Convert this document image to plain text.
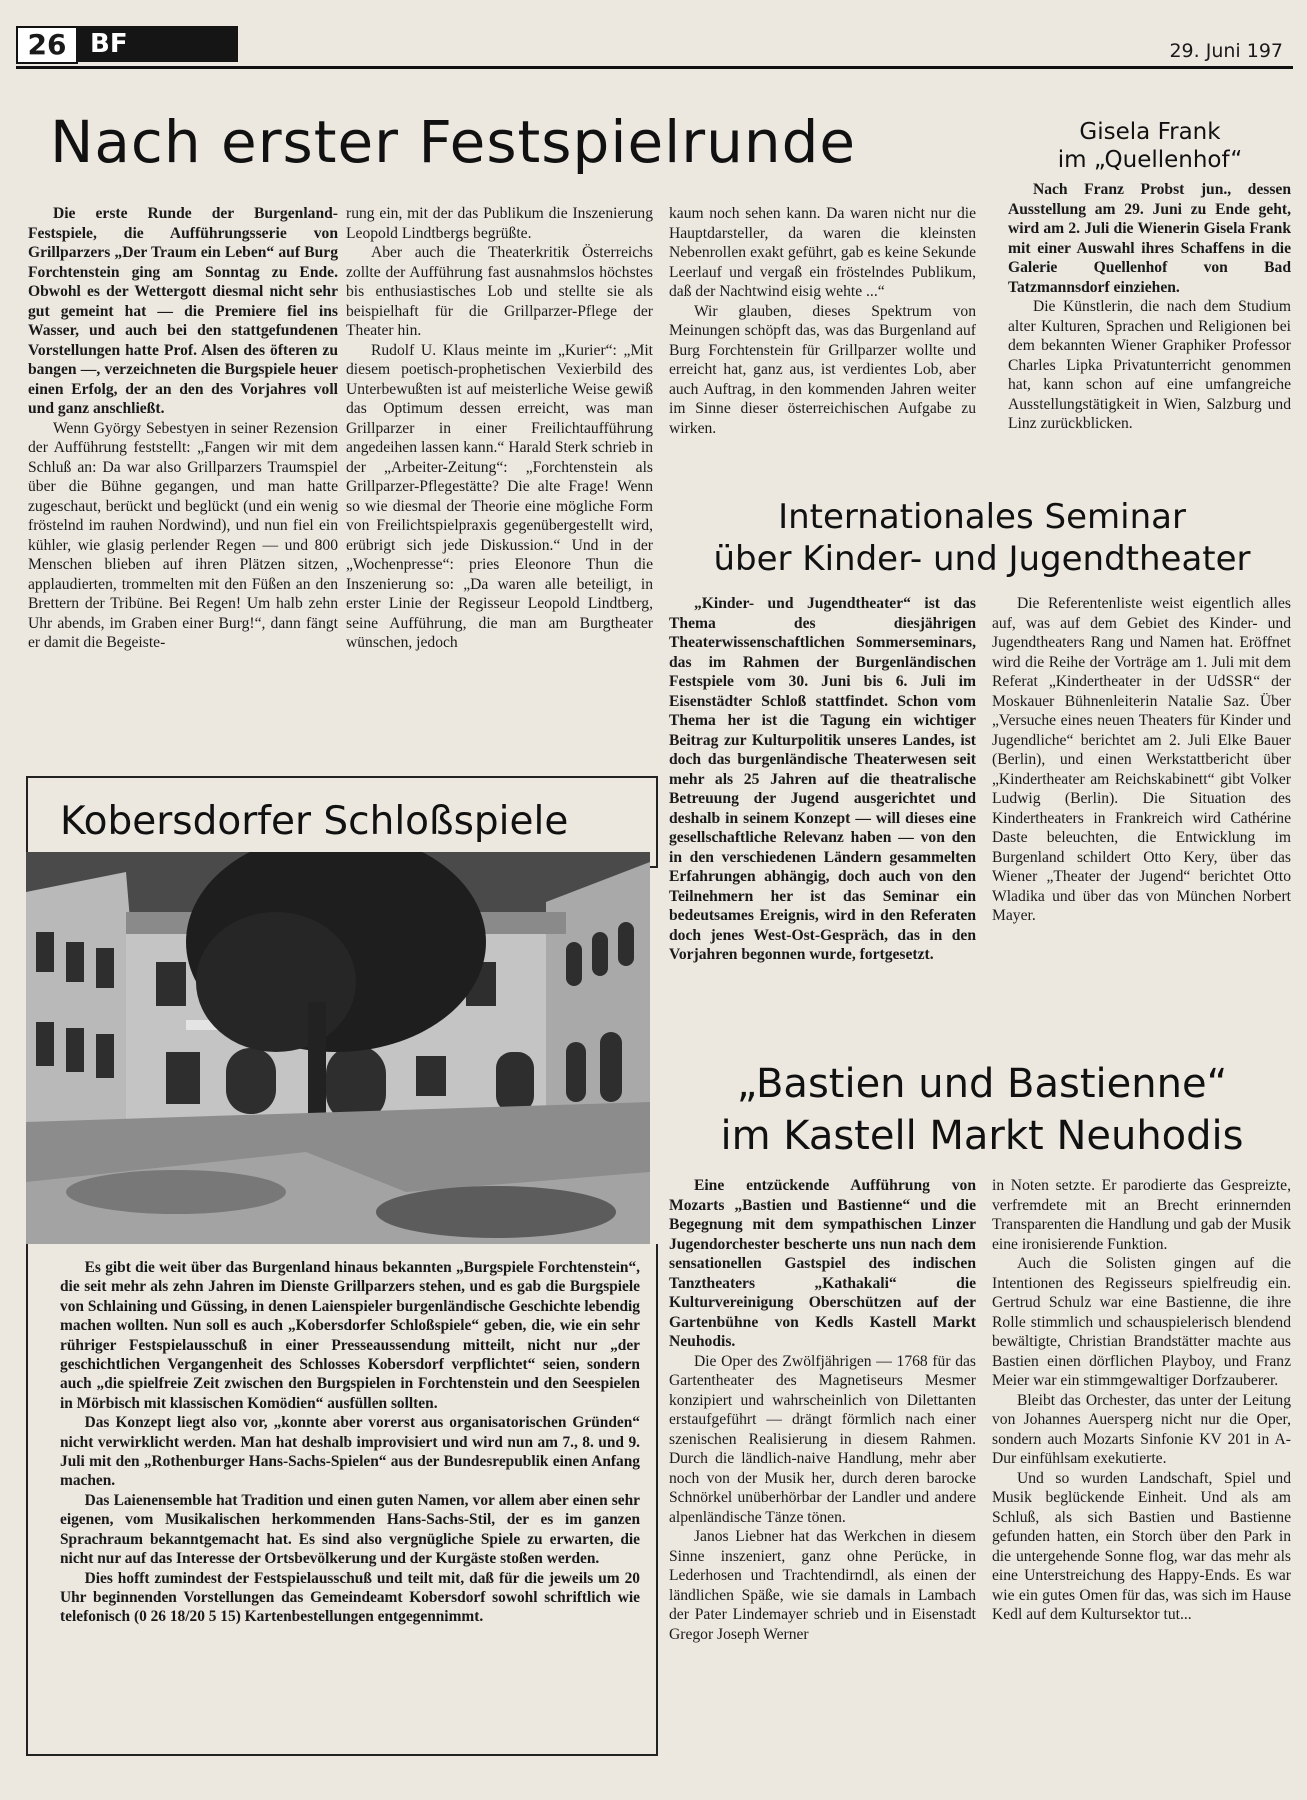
26 BF	29. Juni 197
Nach erster Festspielrunde

Die erste Runde der Burgenland-Festspiele, die Aufführungsserie von Grillparzers „Der Traum ein Leben“ auf Burg Forchtenstein ging am Sonntag zu Ende. Obwohl es der Wettergott diesmal nicht sehr gut gemeint hat — die Premiere fiel ins Wasser, und auch bei den stattgefundenen Vorstellungen hatte Prof. Alsen des öfteren zu bangen —, verzeichneten die Burgspiele heuer einen Erfolg, der an den des Vorjahres voll und ganz anschließt.

Wenn György Sebestyen in seiner Rezension der Aufführung feststellt: „Fangen wir mit dem Schluß an: Da war also Grillparzers Traumspiel über die Bühne gegangen, und man hatte zugeschaut, berückt und beglückt (und ein wenig fröstelnd im rauhen Nordwind), und nun fiel ein kühler, wie glasig perlender Regen — und 800 Menschen blieben auf ihren Plätzen sitzen, applaudierten, trommelten mit den Füßen an den Brettern der Tribüne. Bei Regen! Um halb zehn Uhr abends, im Graben einer Burg!“, dann fängt er damit die Begeiste-

rung ein, mit der das Publikum die Inszenierung Leopold Lindtbergs begrüßte.

Aber auch die Theaterkritik Österreichs zollte der Aufführung fast ausnahmslos höchstes bis enthusiastisches Lob und stellte sie als beispielhaft für die Grillparzer-Pflege der Theater hin.

Rudolf U. Klaus meinte im „Kurier“: „Mit diesem poetisch-prophetischen Vexierbild des Unterbewußten ist auf meisterliche Weise gewiß das Optimum dessen erreicht, was man Grillparzer in einer Freilichtaufführung angedeihen lassen kann.“ Harald Sterk schrieb in der „Arbeiter-Zeitung“: „Forchtenstein als Grillparzer-Pflegestätte? Die alte Frage! Wenn so wie diesmal der Theorie eine mögliche Form von Freilichtspielpraxis gegenübergestellt wird, erübrigt sich jede Diskussion.“ Und in der „Wochenpresse“: pries Eleonore Thun die Inszenierung so: „Da waren alle beteiligt, in erster Linie der Regisseur Leopold Lindtberg, seine Aufführung, die man am Burgtheater wünschen, jedoch

kaum noch sehen kann. Da waren nicht nur die Hauptdarsteller, da waren die kleinsten Nebenrollen exakt geführt, gab es keine Sekunde Leerlauf und vergaß ein fröstelndes Publikum, daß der Nachtwind eisig wehte ...“

Wir glauben, dieses Spektrum von Meinungen schöpft das, was das Burgenland auf Burg Forchtenstein für Grillparzer wollte und erreicht hat, ganz aus, ist verdientes Lob, aber auch Auftrag, in den kommenden Jahren weiter im Sinne dieser österreichischen Aufgabe zu wirken.

Gisela Frank
im „Quellenhof“

Nach Franz Probst jun., dessen Ausstellung am 29. Juni zu Ende geht, wird am 2. Juli die Wienerin Gisela Frank mit einer Auswahl ihres Schaffens in die Galerie Quellenhof von Bad Tatzmannsdorf einziehen.

Die Künstlerin, die nach dem Studium alter Kulturen, Sprachen und Religionen bei dem bekannten Wiener Graphiker Professor Charles Lipka Privatunterricht genommen hat, kann schon auf eine umfangreiche Ausstellungstätigkeit in Wien, Salzburg und Linz zurückblicken.

Internationales Seminar
über Kinder- und Jugendtheater

„Kinder- und Jugendtheater“ ist das Thema des diesjährigen Theaterwissenschaftlichen Sommerseminars, das im Rahmen der Burgenländischen Festspiele vom 30. Juni bis 6. Juli im Eisenstädter Schloß stattfindet. Schon vom Thema her ist die Tagung ein wichtiger Beitrag zur Kulturpolitik unseres Landes, ist doch das burgenländische Theaterwesen seit mehr als 25 Jahren auf die theatralische Betreuung der Jugend ausgerichtet und deshalb in seinem Konzept — will dieses eine gesellschaftliche Relevanz haben — von den in den verschiedenen Ländern gesammelten Erfahrungen abhängig, doch auch von den Teilnehmern her ist das Seminar ein bedeutsames Ereignis, wird in den Referaten doch jenes West-Ost-Gespräch, das in den Vorjahren begonnen wurde, fortgesetzt.

Die Referentenliste weist eigentlich alles auf, was auf dem Gebiet des Kinder- und Jugendtheaters Rang und Namen hat. Eröffnet wird die Reihe der Vorträge am 1. Juli mit dem Referat „Kindertheater in der UdSSR“ der Moskauer Bühnenleiterin Natalie Saz. Über „Versuche eines neuen Theaters für Kinder und Jugendliche“ berichtet am 2. Juli Elke Bauer (Berlin), und einen Werkstattbericht über „Kindertheater am Reichskabinett“ gibt Volker Ludwig (Berlin). Die Situation des Kindertheaters in Frankreich wird Cathérine Daste beleuchten, die Entwicklung im Burgenland schildert Otto Kery, über das Wiener „Theater der Jugend“ berichtet Otto Wladika und über das von München Norbert Mayer.

Kobersdorfer Schloßspiele

Es gibt die weit über das Burgenland hinaus bekannten „Burgspiele Forchtenstein“, die seit mehr als zehn Jahren im Dienste Grillparzers stehen, und es gab die Burgspiele von Schlaining und Güssing, in denen Laienspieler burgenländische Geschichte lebendig machen wollten. Nun soll es auch „Kobersdorfer Schloßspiele“ geben, die, wie ein sehr rühriger Festspielausschuß in einer Presseaussendung mitteilt, nicht nur „der geschichtlichen Vergangenheit des Schlosses Kobersdorf verpflichtet“ seien, sondern auch „die spielfreie Zeit zwischen den Burgspielen in Forchtenstein und den Seespielen in Mörbisch mit klassischen Komödien“ ausfüllen sollten.

Das Konzept liegt also vor, „konnte aber vorerst aus organisatorischen Gründen“ nicht verwirklicht werden. Man hat deshalb improvisiert und wird nun am 7., 8. und 9. Juli mit den „Rothenburger Hans-Sachs-Spielen“ aus der Bundesrepublik einen Anfang machen.

Das Laienensemble hat Tradition und einen guten Namen, vor allem aber einen sehr eigenen, vom Musikalischen herkommenden Hans-Sachs-Stil, der es im ganzen Sprachraum bekanntgemacht hat. Es sind also vergnügliche Spiele zu erwarten, die nicht nur auf das Interesse der Ortsbevölkerung und der Kurgäste stoßen werden.

Dies hofft zumindest der Festspielausschuß und teilt mit, daß für die jeweils um 20 Uhr beginnenden Vorstellungen das Gemeindeamt Kobersdorf sowohl schriftlich wie telefonisch (0 26 18/20 5 15) Kartenbestellungen entgegennimmt.

„Bastien und Bastienne“
im Kastell Markt Neuhodis

Eine entzückende Aufführung von Mozarts „Bastien und Bastienne“ und die Begegnung mit dem sympathischen Linzer Jugendorchester bescherte uns nun nach dem sensationellen Gastspiel des indischen Tanztheaters „Kathakali“ die Kulturvereinigung Oberschützen auf der Gartenbühne von Kedls Kastell Markt Neuhodis.

Die Oper des Zwölfjährigen — 1768 für das Gartentheater des Magnetiseurs Mesmer konzipiert und wahrscheinlich von Dilettanten erstaufgeführt — drängt förmlich nach einer szenischen Realisierung in diesem Rahmen. Durch die ländlich-naive Handlung, mehr aber noch von der Musik her, durch deren barocke Schnörkel unüberhörbar der Landler und andere alpenländische Tänze tönen.

Janos Liebner hat das Werkchen in diesem Sinne inszeniert, ganz ohne Perücke, in Lederhosen und Trachtendirndl, als einen der ländlichen Späße, wie sie damals in Lambach der Pater Lindemayer schrieb und in Eisenstadt Gregor Joseph Werner

in Noten setzte. Er parodierte das Gespreizte, verfremdete mit an Brecht erinnernden Transparenten die Handlung und gab der Musik eine ironisierende Funktion.

Auch die Solisten gingen auf die Intentionen des Regisseurs spielfreudig ein. Gertrud Schulz war eine Bastienne, die ihre Rolle stimmlich und schauspielerisch blendend bewältigte, Christian Brandstätter machte aus Bastien einen dörflichen Playboy, und Franz Meier war ein stimmgewaltiger Dorfzauberer.

Bleibt das Orchester, das unter der Leitung von Johannes Auersperg nicht nur die Oper, sondern auch Mozarts Sinfonie KV 201 in A-Dur einfühlsam exekutierte.

Und so wurden Landschaft, Spiel und Musik beglückende Einheit. Und als am Schluß, als sich Bastien und Bastienne gefunden hatten, ein Storch über den Park in die untergehende Sonne flog, war das mehr als eine Unterstreichung des Happy-Ends. Es war wie ein gutes Omen für das, was sich im Hause Kedl auf dem Kultursektor tut...
